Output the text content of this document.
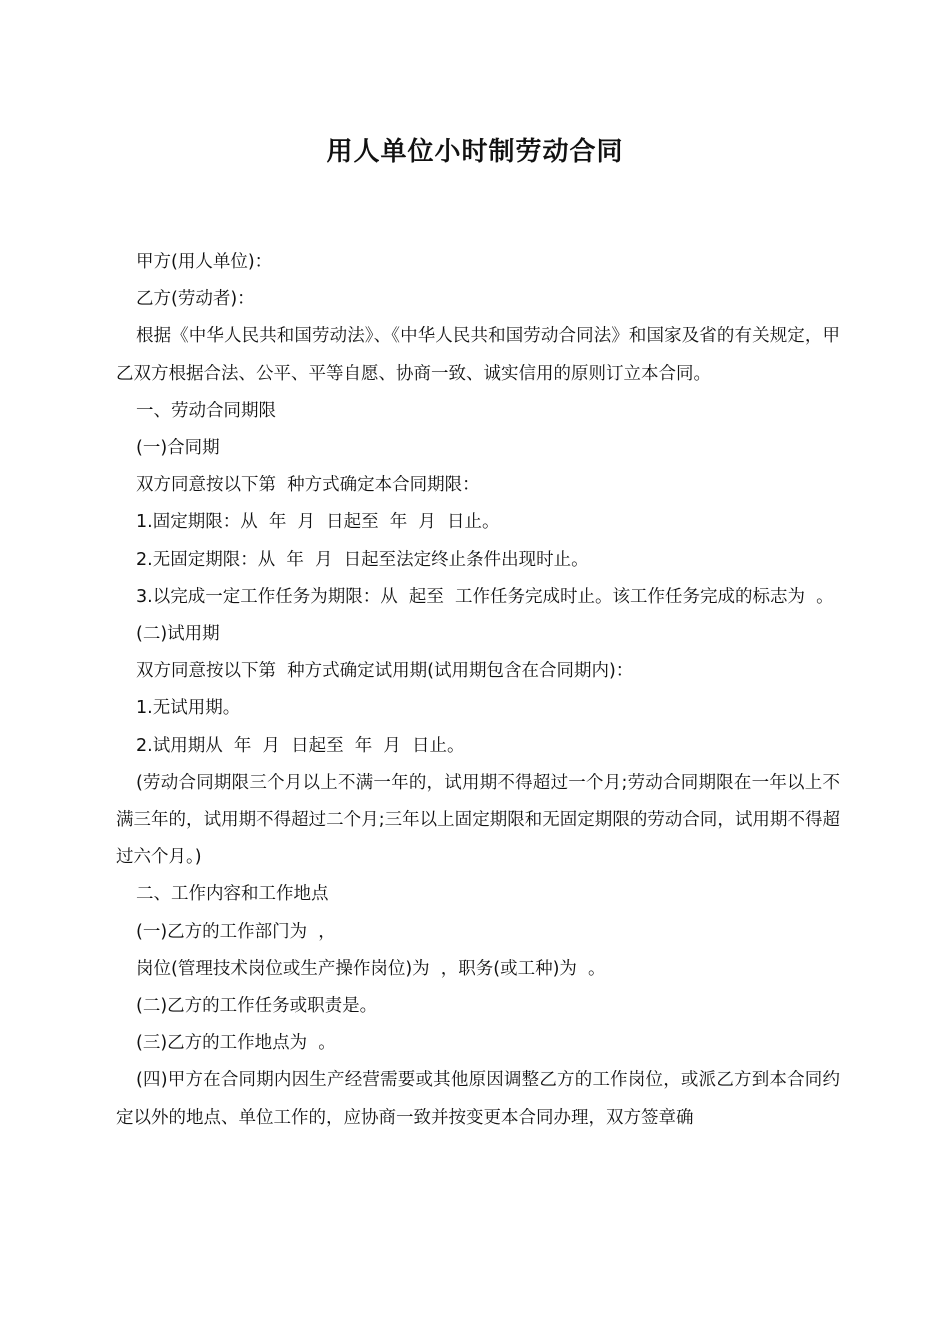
用人单位小时制劳动合同

甲方(用人单位)：

乙方(劳动者)：

根据《中华人民共和国劳动法》、《中华人民共和国劳动合同法》和国家及省的有关规定，甲乙双方根据合法、公平、平等自愿、协商一致、诚实信用的原则订立本合同。

一、劳动合同期限

(一)合同期

双方同意按以下第  种方式确定本合同期限：

1.固定期限：从  年  月  日起至  年  月  日止。

2.无固定期限：从  年  月  日起至法定终止条件出现时止。

3.以完成一定工作任务为期限：从  起至  工作任务完成时止。该工作任务完成的标志为  。

(二)试用期

双方同意按以下第  种方式确定试用期(试用期包含在合同期内)：

1.无试用期。

2.试用期从  年  月  日起至  年  月  日止。

(劳动合同期限三个月以上不满一年的，试用期不得超过一个月;劳动合同期限在一年以上不满三年的，试用期不得超过二个月;三年以上固定期限和无固定期限的劳动合同，试用期不得超过六个月。)

二、工作内容和工作地点

(一)乙方的工作部门为  ，

岗位(管理技术岗位或生产操作岗位)为  ，职务(或工种)为  。

(二)乙方的工作任务或职责是。

(三)乙方的工作地点为  。

(四)甲方在合同期内因生产经营需要或其他原因调整乙方的工作岗位，或派乙方到本合同约定以外的地点、单位工作的，应协商一致并按变更本合同办理，双方签章确
